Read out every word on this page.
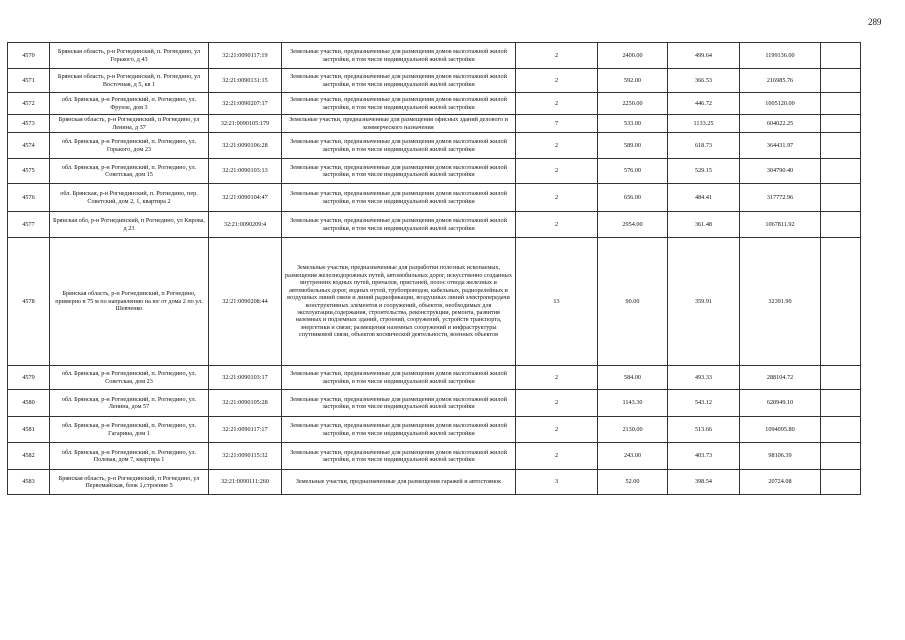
289
4570	Брянская область, р-н Рогнединский, п. Рогнедино, ул Горького, д 43	32:21:0090117:19	Земельные участки, предназначенные для размещения домов малоэтажной жилой застройки, в том числе индивидуальной жилой застройки	2	2400.00	499.64	1199136.00	
4571	Брянская область, р-н Рогнединский, п. Рогнедино, ул Восточная, д 5, кв 1	32:21:0090131:15	Земельные участки, предназначенные для размещения домов малоэтажной жилой застройки, в том числе индивидуальной жилой застройки	2	592.00	366.53	216985.76	
4572	обл. Брянская, р-н Рогнединский, п. Рогнедино, ул. Фрунзе, дом 3	32:21:0090207:17	Земельные участки, предназначенные для размещения домов малоэтажной жилой застройки, в том числе индивидуальной жилой застройки	2	2250.00	446.72	1005120.00	
4573	Брянская область, р-н Рогнединский, п Рогнедино, ул Ленина, д 37	32:21:0090105:179	Земельные участки, предназначенные для размещения офисных зданий делового и коммерческого назначения	7	533.00	1133.25	604022.25	
4574	обл. Брянская, р-н Рогнединский, п. Рогнедино, ул. Горького, дом 23	32:21:0090106:28	Земельные участки, предназначенные для размещения домов малоэтажной жилой застройки, в том числе индивидуальной жилой застройки	2	589.00	618.73	364431.97	
4575	обл. Брянская, р-н Рогнединский, п. Рогнедино, ул. Советская, дом 15	32:21:0090103:13	Земельные участки, предназначенные для размещения домов малоэтажной жилой застройки, в том числе индивидуальной жилой застройки	2	576.00	529.15	304790.40	
4576	обл. Брянская, р-н Рогнединский, п. Рогнедино, пер. Советский, дом 2, 1, квартира 2	32:21:0090104:47	Земельные участки, предназначенные для размещения домов малоэтажной жилой застройки, в том числе индивидуальной жилой застройки	2	656.00	484.41	317772.96	
4577	Брянская обл, р-н Рогнединский, п Рогнедино, ул Кирова, д 23	32:21:0090209:4	Земельные участки, предназначенные для размещения домов малоэтажной жилой застройки, в том числе индивидуальной жилой застройки	2	2954.00	361.48	1067811.92	
4578	Брянская область, р-н Рогнединский, п Рогнедино, примерно в 75 м по направлению на юг от дома 2 по ул. Шевченко	32:21:0090208:44	Земельные участки, предназначенные для разработки полезных ископаемых, размещения железнодорожных путей, автомобильных дорог, искусственно созданных внутренних водных путей, причалов, пристаней, полос отвода железных и автомобильных дорог, водных путей, трубопроводов, кабельных, радиорелейных и воздушных линий связи и линий радиофикации, воздушных линий электропередачи конструктивных элементов и сооружений, объектов, необходимых для эксплуатации,содержания, строительства, реконструкции, ремонта, развития наземных и подземных зданий, строений, сооружений, устройств транспорта, энергетики и связи; размещения наземных сооружений и инфраструктуры спутниковой связи, объектов космической деятельности, военных объектов	13	90.00	359.91	32391.90	
4579	обл. Брянская, р-н Рогнединский, п. Рогнедино, ул. Советская, дом 23	32:21:0090103:17	Земельные участки, предназначенные для размещения домов малоэтажной жилой застройки, в том числе индивидуальной жилой застройки	2	584.00	493.33	288104.72	
4580	обл. Брянская, р-н Рогнединский, п. Рогнедино, ул. Ленина, дом 57	32:21:0090105:28	Земельные участки, предназначенные для размещения домов малоэтажной жилой застройки, в том числе индивидуальной жилой застройки	2	1143.30	543.12	620949.10	
4581	обл. Брянская, р-н Рогнединский, п. Рогнедино, ул. Гагарина, дом 1	32:21:0090117:17	Земельные участки, предназначенные для размещения домов малоэтажной жилой застройки, в том числе индивидуальной жилой застройки	2	2130.00	513.66	1094095.80	
4582	обл. Брянская, р-н Рогнединский, п. Рогнедино, ул. Полевая, дом 7, квартира 1	32:21:0090115:32	Земельные участки, предназначенные для размещения домов малоэтажной жилой застройки, в том числе индивидуальной жилой застройки	2	243.00	403.73	98106.39	
4583	Брянская область, р-н Рогнединский, п Рогнедино, ул Первомайская, блок 1,строение 5	32:21:0090111:260	Земельные участки, предназначенные для размещения гаражей и автостоянок	3	52.00	398.54	20724.08	
